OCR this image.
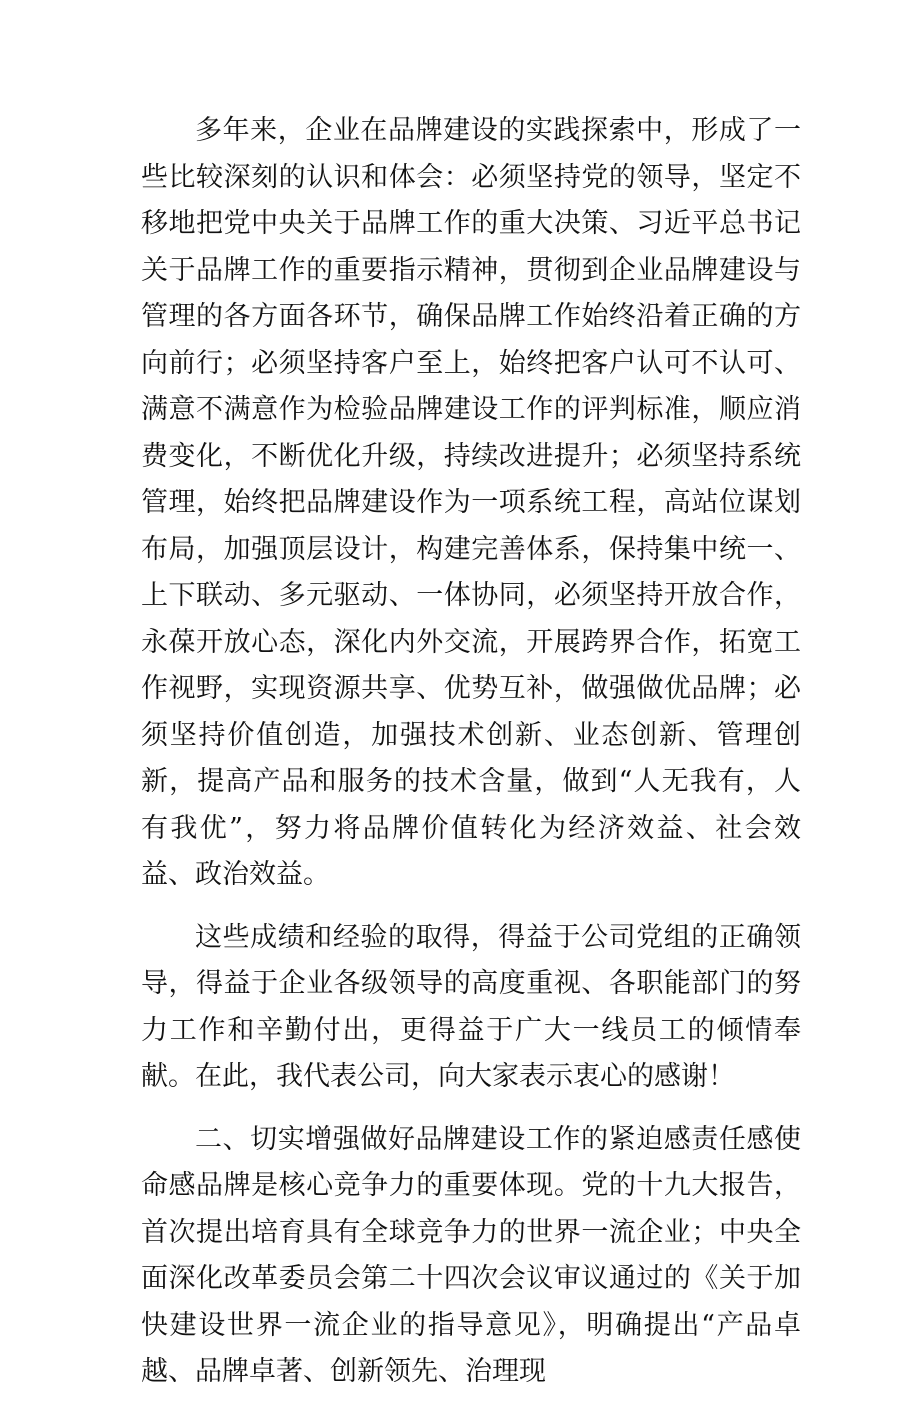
多年来，企业在品牌建设的实践探索中，形成了一些比较深刻的认识和体会：必须坚持党的领导，坚定不移地把党中央关于品牌工作的重大决策、习近平总书记关于品牌工作的重要指示精神，贯彻到企业品牌建设与管理的各方面各环节，确保品牌工作始终沿着正确的方向前行；必须坚持客户至上，始终把客户认可不认可、满意不满意作为检验品牌建设工作的评判标准，顺应消费变化，不断优化升级，持续改进提升；必须坚持系统管理，始终把品牌建设作为一项系统工程，高站位谋划布局，加强顶层设计，构建完善体系，保持集中统一、上下联动、多元驱动、一体协同，必须坚持开放合作，永葆开放心态，深化内外交流，开展跨界合作，拓宽工作视野，实现资源共享、优势互补，做强做优品牌；必须坚持价值创造，加强技术创新、业态创新、管理创新，提高产品和服务的技术含量，做到“人无我有，人有我优”，努力将品牌价值转化为经济效益、社会效益、政治效益。

这些成绩和经验的取得，得益于公司党组的正确领导，得益于企业各级领导的高度重视、各职能部门的努力工作和辛勤付出，更得益于广大一线员工的倾情奉献。在此，我代表公司，向大家表示衷心的感谢！

二、切实增强做好品牌建设工作的紧迫感责任感使命感品牌是核心竞争力的重要体现。党的十九大报告，首次提出培育具有全球竞争力的世界一流企业；中央全面深化改革委员会第二十四次会议审议通过的《关于加快建设世界一流企业的指导意见》，明确提出“产品卓越、品牌卓著、创新领先、治理现
